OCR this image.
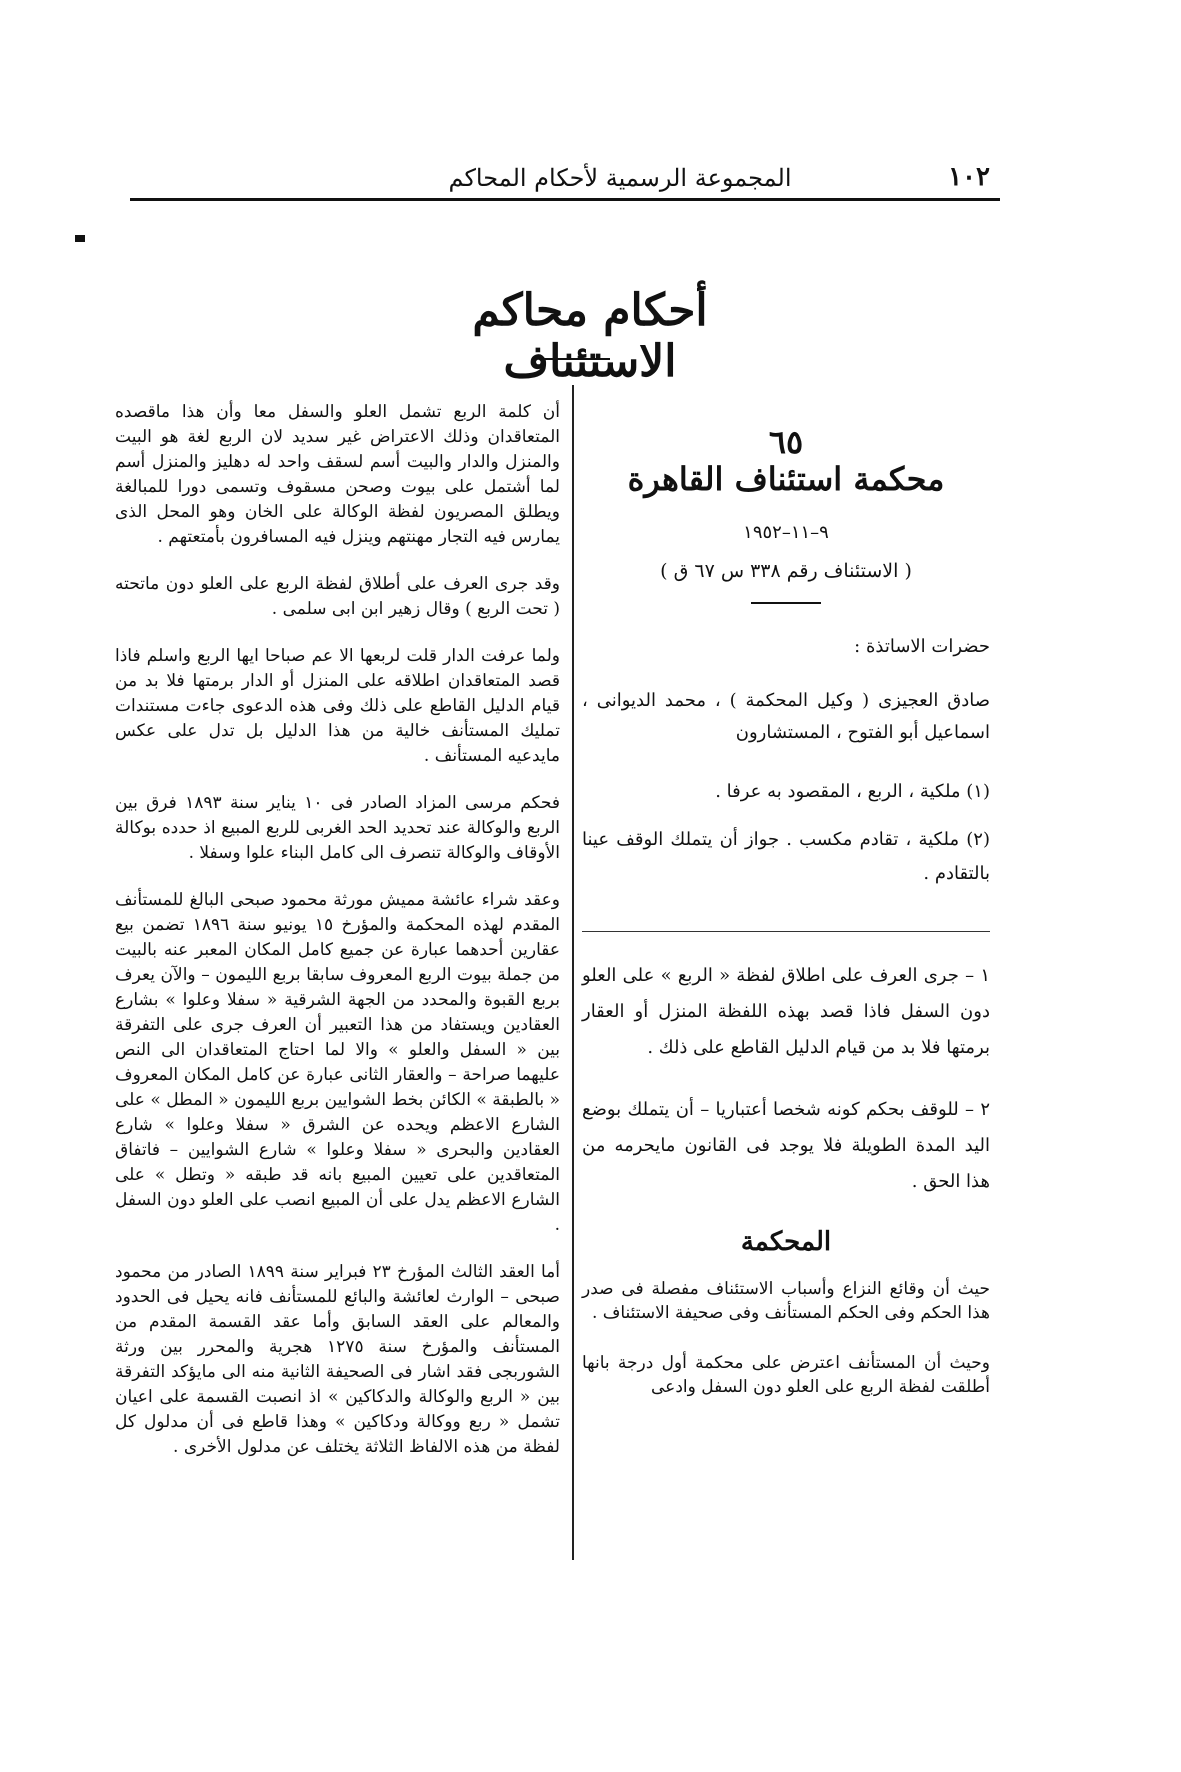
١٠٢
المجموعة الرسمية لأحكام المحاكم
أحكام محاكم الاستئناف
٦٥
محكمة استئناف القاهرة
٩–١١–١٩٥٢
( الاستئناف رقم ٣٣٨ س ٦٧ ق )
حضرات الاساتذة :
صادق العجيزى ( وكيل المحكمة ) ، محمد الديوانى ، اسماعيل أبو الفتوح ، المستشارون

(١) ملكية ، الربع ، المقصود به عرفا .

(٢) ملكية ، تقادم مكسب . جواز أن يتملك الوقف عينا بالتقادم .

١ – جرى العرف على اطلاق لفظة « الربع » على العلو دون السفل فاذا قصد بهذه اللفظة المنزل أو العقار برمتها فلا بد من قيام الدليل القاطع على ذلك .

٢ – للوقف بحكم كونه شخصا أعتباريا – أن يتملك بوضع اليد المدة الطويلة فلا يوجد فى القانون مايحرمه من هذا الحق .

المحكمة

حيث أن وقائع النزاع وأسباب الاستئناف مفصلة فى صدر هذا الحكم وفى الحكم المستأنف وفى صحيفة الاستئناف .

وحيث أن المستأنف اعترض على محكمة أول درجة بانها أطلقت لفظة الربع على العلو دون السفل وادعى

أن كلمة الربع تشمل العلو والسفل معا وأن هذا ماقصده المتعاقدان وذلك الاعتراض غير سديد لان الربع لغة هو البيت والمنزل والدار والبيت أسم لسقف واحد له دهليز والمنزل أسم لما أشتمل على بيوت وصحن مسقوف وتسمى دورا للمبالغة ويطلق المصريون لفظة الوكالة على الخان وهو المحل الذى يمارس فيه التجار مهنتهم وينزل فيه المسافرون بأمتعتهم .

وقد جرى العرف على أطلاق لفظة الربع على العلو دون ماتحته ( تحت الربع ) وقال زهير ابن ابى سلمى .

ولما عرفت الدار قلت لربعها الا عم صباحا ايها الربع واسلم فاذا قصد المتعاقدان اطلاقه على المنزل أو الدار برمتها فلا بد من قيام الدليل القاطع على ذلك وفى هذه الدعوى جاءت مستندات تمليك المستأنف خالية من هذا الدليل بل تدل على عكس مايدعيه المستأنف .

فحكم مرسى المزاد الصادر فى ١٠ يناير سنة ١٨٩٣ فرق بين الربع والوكالة عند تحديد الحد الغربى للربع المبيع اذ حدده بوكالة الأوقاف والوكالة تنصرف الى كامل البناء علوا وسفلا .

وعقد شراء عائشة مميش مورثة محمود صبحى البالغ للمستأنف المقدم لهذه المحكمة والمؤرخ ١٥ يونيو سنة ١٨٩٦ تضمن بيع عقارين أحدهما عبارة عن جميع كامل المكان المعبر عنه بالبيت من جملة بيوت الربع المعروف سابقا بربع الليمون – والآن يعرف بربع القبوة والمحدد من الجهة الشرقية « سفلا وعلوا » بشارع العقادين ويستفاد من هذا التعبير أن العرف جرى على التفرقة بين « السفل والعلو » والا لما احتاج المتعاقدان الى النص عليهما صراحة – والعقار الثانى عبارة عن كامل المكان المعروف « بالطبقة » الكائن بخط الشوايين بربع الليمون « المطل » على الشارع الاعظم ويحده عن الشرق « سفلا وعلوا » شارع العقادين والبحرى « سفلا وعلوا » شارع الشوايين – فاتفاق المتعاقدين على تعيين المبيع بانه قد طبقه « وتطل » على الشارع الاعظم يدل على أن المبيع انصب على العلو دون السفل .

أما العقد الثالث المؤرخ ٢٣ فبراير سنة ١٨٩٩ الصادر من محمود صبحى – الوارث لعائشة والبائع للمستأنف فانه يحيل فى الحدود والمعالم على العقد السابق وأما عقد القسمة المقدم من المستأنف والمؤرخ سنة ١٢٧٥ هجرية والمحرر بين ورثة الشوربجى فقد اشار فى الصحيفة الثانية منه الى مايؤكد التفرقة بين « الربع والوكالة والدكاكين » اذ انصبت القسمة على اعيان تشمل « ربع ووكالة ودكاكين » وهذا قاطع فى أن مدلول كل لفظة من هذه الالفاظ الثلاثة يختلف عن مدلول الأخرى .
